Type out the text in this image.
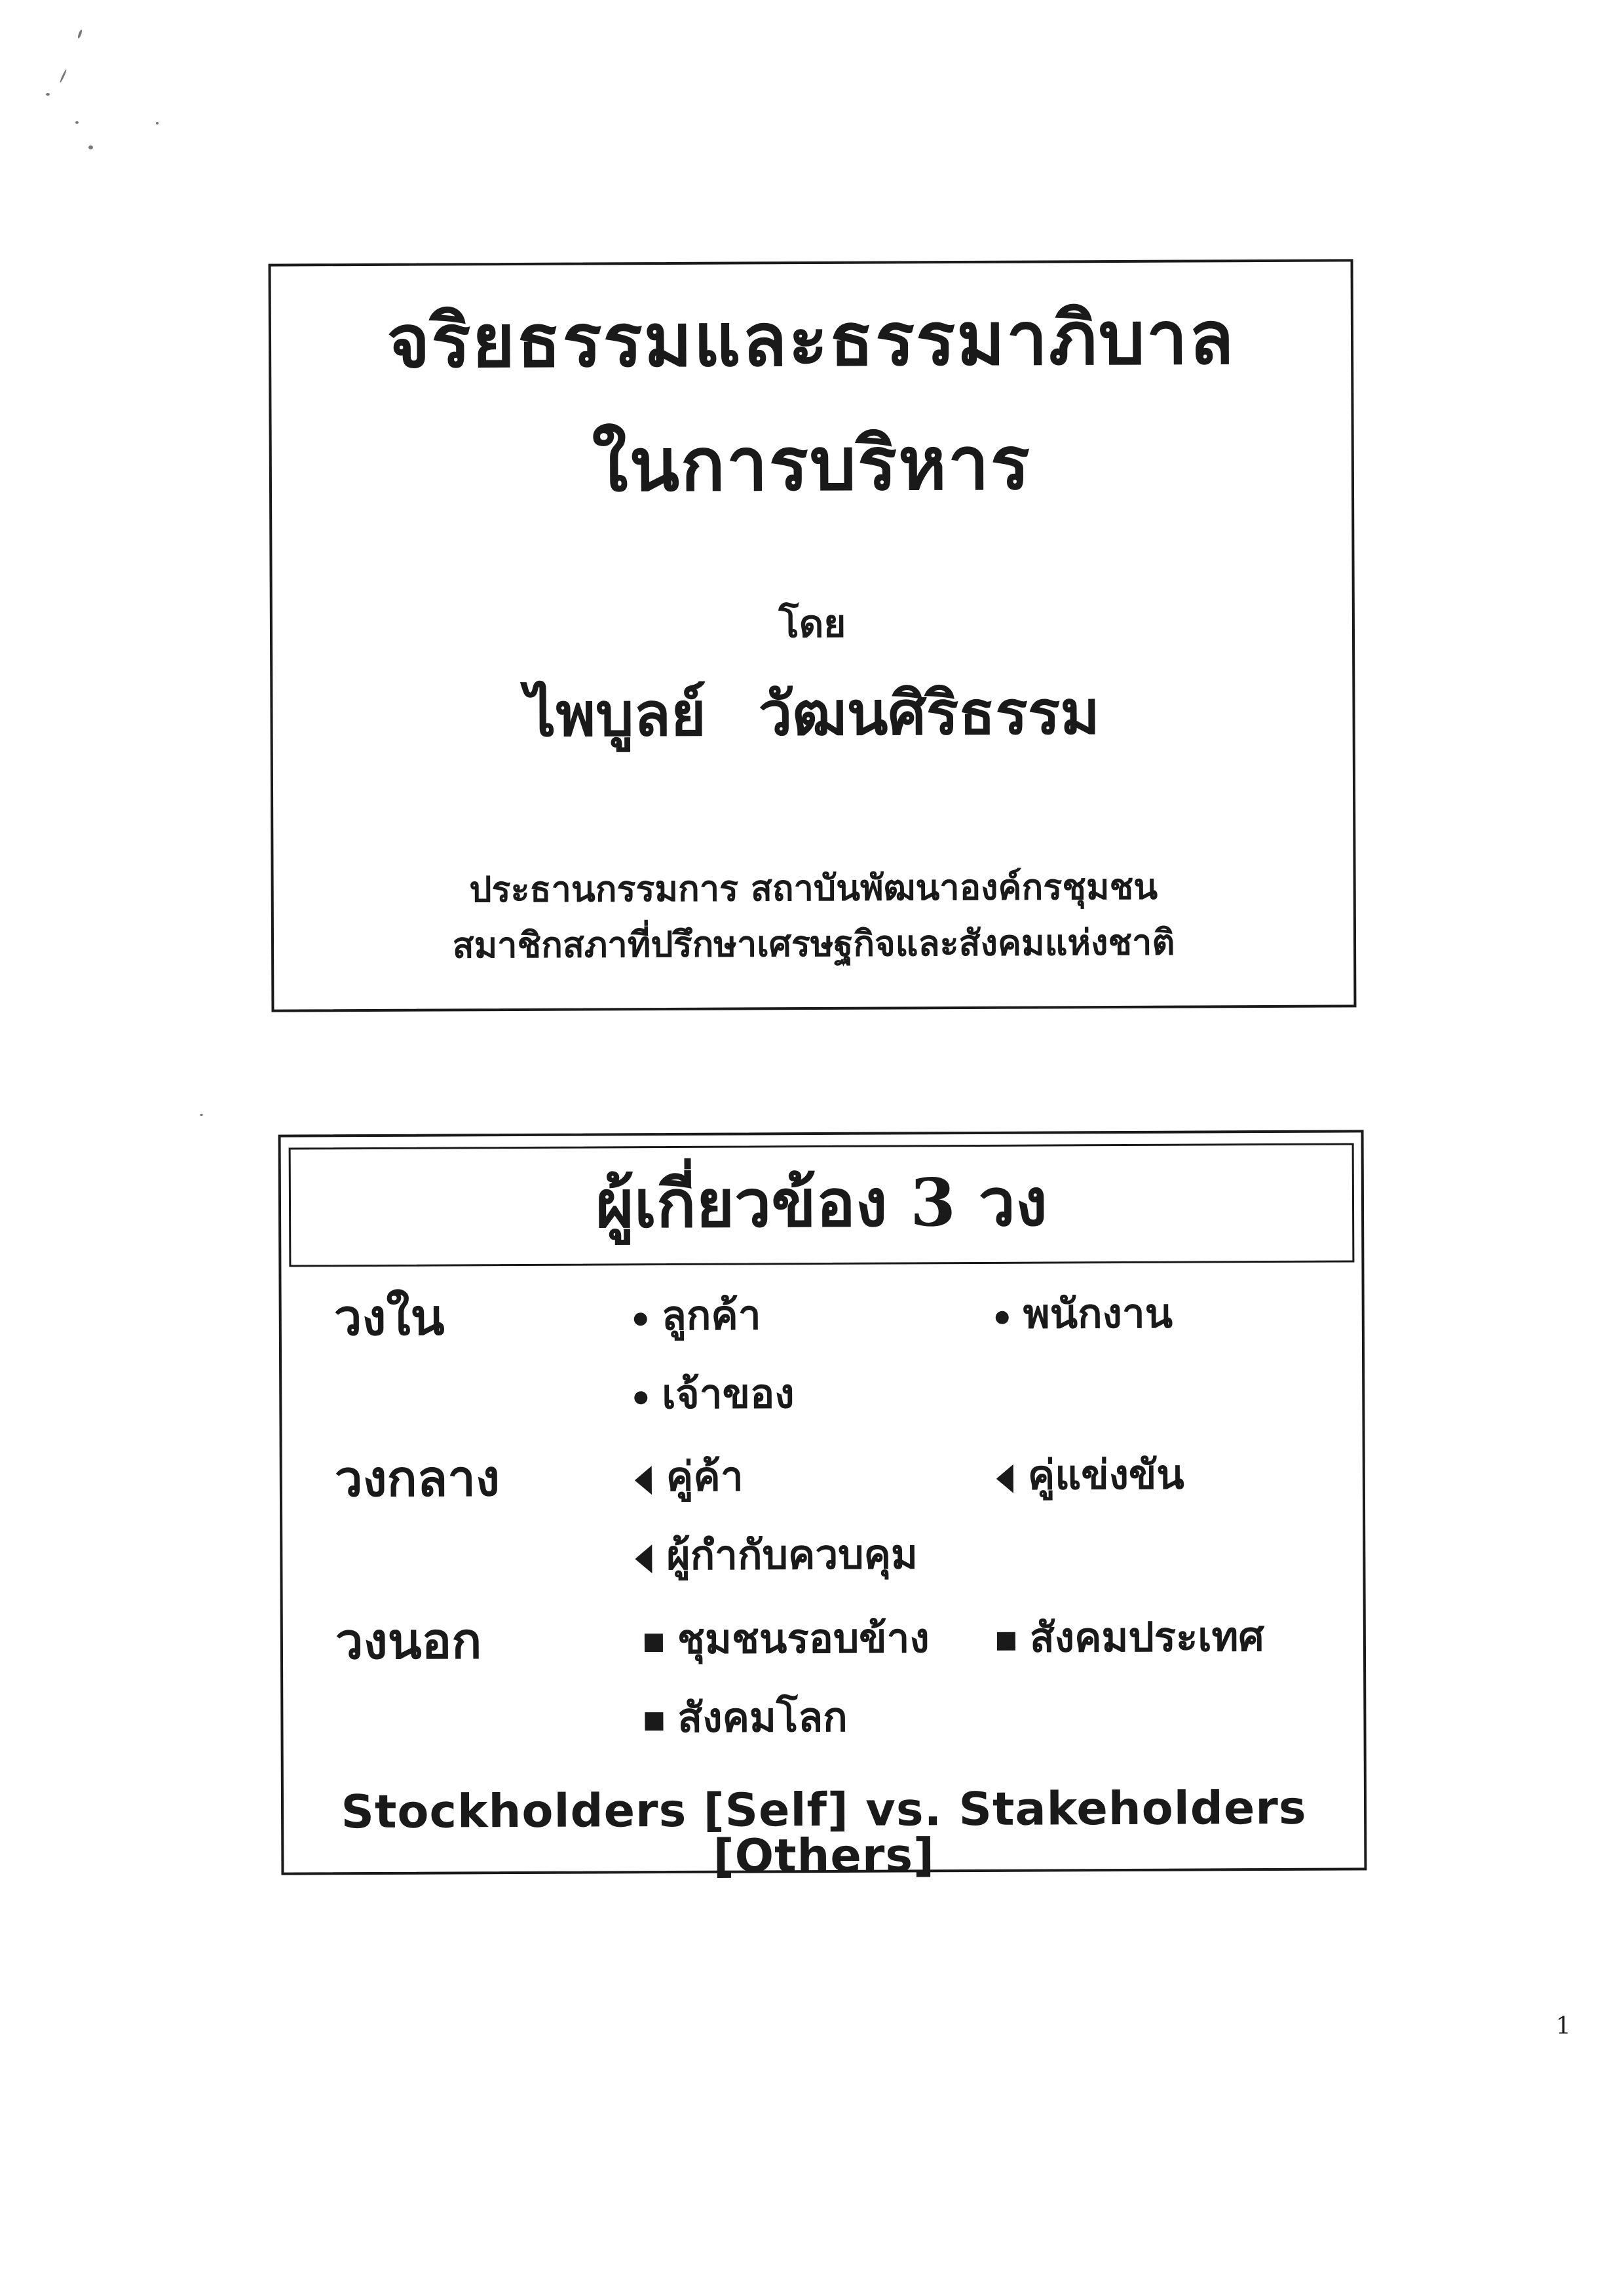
จริยธรรมและธรรมาภิบาล
ในการบริหาร
โดย
ไพบูลย์ วัฒนศิริธรรม
ประธานกรรมการ สถาบันพัฒนาองค์กรชุมชน
สมาชิกสภาที่ปรึกษาเศรษฐกิจและสังคมแห่งชาติ
ผู้เกี่ยวข้อง 3 วง
วงใน	ลูกค้า	พนักงาน
เจ้าของ
วงกลาง	คู่ค้า	คู่แข่งขัน
ผู้กำกับควบคุม
วงนอก	ชุมชนรอบข้าง	สังคมประเทศ
สังคมโลก
Stockholders [Self] vs. Stakeholders [Others]
1
